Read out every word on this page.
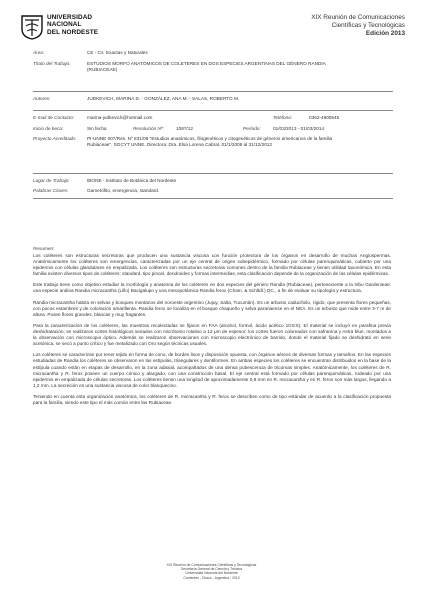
UNIVERSIDAD
NACIONAL
DEL NORDESTE
XIX Reunión de Comunicaciones
Científicas y Tecnológicas
Edición 2013
Área:	CE - Cs. Exactas y Naturales
Título del Trabajo:	ESTUDIOS MORFO ANATÓMICOS DE COLETERES EN DOS ESPECIES ARGENTINAS DEL GÉNERO RANDIA (RUBIACEAE)
Autores:	JUDKEVICH, MARINA D. - GONZÁLEZ, ANA M. - SALAS, ROBERTO M.
E-mail de Contacto:	marina-judkevich@hotmail.com	Teléfono:	0362-4900545
Inicio de beca:	Sin fecha	Resolución Nº:	1087/12	Período:	01/03/2013 - 01/03/2014
Proyecto Acreditado:	PI-UNNE 007/Res. Nº 831/08 "Estudios anatómicos, filogenéticos y citogenéticos de géneros americanos de la familia Rubiaceae". SGCYT UNNE. Directora: Dra. Elsa Lorena Cabral. 01/1/2009 al 31/12/2012
Lugar de Trabajo:	IBONE - Instituto de Botánica del Nordeste
Palabras Claves:	Gametófito, emergencia, standard.
Resumen:

Los coléteres son estructuras secretoras que producen una sustancia viscosa con función protectora de los órganos en desarrollo de muchas Angiospermas. Anatómicamente los coléteres son emergencias, caracterizadas por un eje central de origen subepidérmico, formado por células parenquimáticas, cubierto por una epidermis con células glandulares en empalizada. Los coléteres son estructuras secretoras comunes dentro de la familia Rubiaceae y tienen utilidad taxonómica. En esta familia existen diversos tipos de coléteres: standard, tipo pincel, dendroides y formas intermedias, esta clasificación depende de la organización de las células epidérmicas.

Este trabajo tiene como objetivo estudiar la morfología y anatomía de los coléteres en dos especies del género Randia (Rubiaceae), perteneciente a la tribu Gardenieae: una especie andina Randia micracantha (Lillo) Bacigalupo y una mesopotámica Randia ferox (Cham. & Schltdl.) DC., a fin de evaluar su tipología y estructura.

Randia micracantha habita en selvas y bosques montanos del noroeste argentino (Jujuy, Salta, Tucumán). Es un arbusto caducifolio, rígido, que presenta flores pequeñas, con pocos estambres y de coloración amarillenta. Randia ferox se localiza en el bosque chaqueño y selva paranaense en el NEA. Es un arbusto que mide entre 3-7 m de altura. Posee flores grandes, blancas y muy fragantes.

Para la caracterización de los coléteres, las muestras recolectadas se fijaron en FAA (alcohol, formol, ácido acético 10:5:5). El material se incluyó en parafina previa deshidratación; se realizaron cortes histológicos seriados con micrótomo rotativo a 12 μm de espesor; los cortes fueron coloreados con safranina y Astra blue, montados a la observación con microscopio óptico. Además se realizaron observaciones con microscopio electrónico de barrido, donde el material fijado se deshidrató en serie acetónica, se secó a punto crítico y fue metalizado con Oro según técnicas usuales.

Los coléteres se caracterizan por tener tejido en forma de cono, de bordes lisos y disposición opuesta, con órganos aéreos de diversas formas y tamaños. En las especies estudiadas de Randia los coléteres se observaron en las estípulas, triangulares y dentiformes. En ambas especies los coléteres se encuentran distribuidos en la base de la estípula cuando están en etapas de desarrollo, en la zona adaxial, acompañados de una densa pubescencia de tricomas simples. Anatómicamente, los coléteres de R. micracantha y R. ferox poseen un cuerpo cónico y alargado, con una constricción basal. El eje central está formado por células parenquimáticas, rodeado por una epidermis en empalizada de células secretoras. Los coléteres tienen una longitud de aproximadamente 0,8 mm en R. micracantha y en R. ferox son más largos, llegando a 1,2 mm. La secreción es una sustancia viscosa de color blanquecino.

Teniendo en cuenta esta organización anatómica, los coléteres de R. micracantha y R. ferox se describen como de tipo estándar de acuerdo a la clasificación propuesta para la familia, siendo este tipo el más común entre las Rubiaceae.

XIX Reunión de Comunicaciones Científicas y Tecnológicas
Secretaría General de Ciencia y Técnica
Universidad Nacional del Nordeste
Corrientes - Chaco - Argentina - 2013
